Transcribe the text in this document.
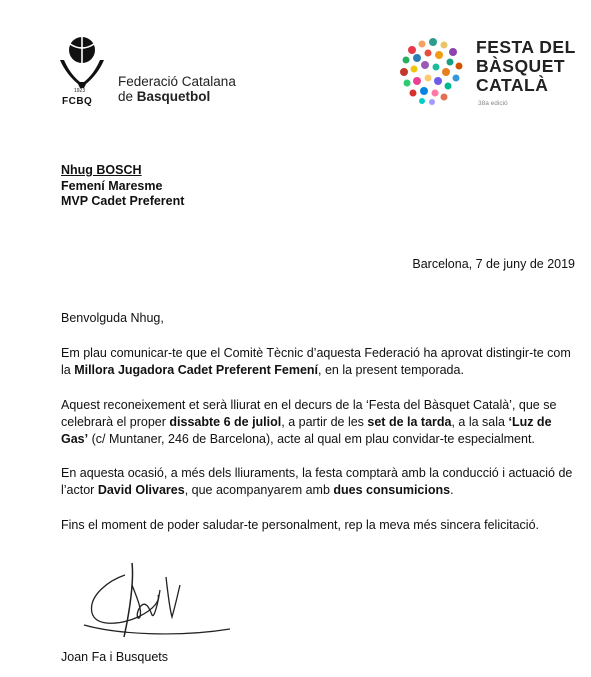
1923
FCBQ
Federació Catalana
de Basquetbol
FESTA DEL
BÀSQUET
CATALÀ
38a edició
Nhug BOSCH
Femení Maresme
MVP Cadet Preferent
Barcelona, 7 de juny de 2019
Benvolguda Nhug,
Em plau comunicar-te que el Comitè Tècnic d’aquesta Federació ha aprovat distingir-te com la Millora Jugadora Cadet Preferent Femení, en la present temporada.
Aquest reconeixement et serà lliurat en el decurs de la ‘Festa del Bàsquet Català’, que se celebrarà el proper dissabte 6 de juliol, a partir de les set de la tarda, a la sala ‘Luz de Gas’ (c/ Muntaner, 246 de Barcelona), acte al qual em plau convidar-te especialment.
En aquesta ocasió, a més dels lliuraments, la festa comptarà amb la conducció i actuació de l’actor David Olivares, que acompanyarem amb dues consumicions.
Fins el moment de poder saludar-te personalment, rep la meva més sincera felicitació.
Joan Fa i Busquets
